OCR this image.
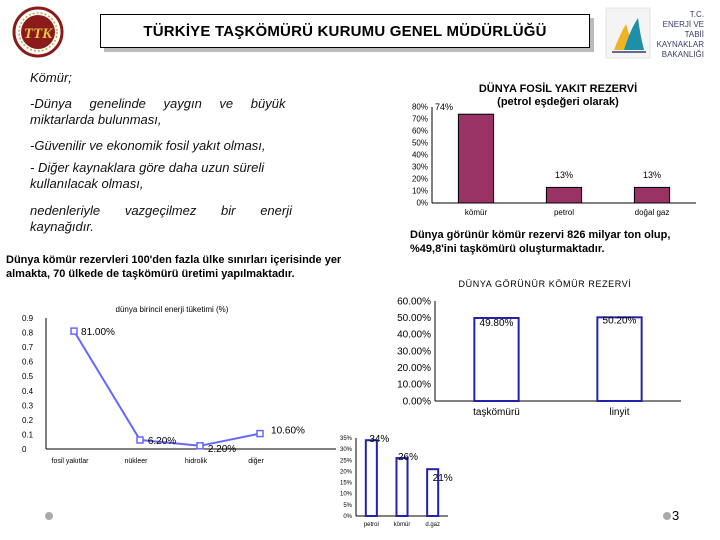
TTK	TÜRKİYE TAŞKÖMÜRÜ KURUMU GENEL MÜDÜRLÜĞÜ
T.C.
ENERJİ VE
TABİİ KAYNAKLAR
BAKANLIĞI
Kömür;
-Dünya genelinde yaygın ve büyük
miktarlarda bulunması,
-Güvenilir ve ekonomik fosil yakıt olması,
- Diğer kaynaklara göre daha uzun süreli kullanılacak olması,
nedenleriyle vazgeçilmez bir enerji
kaynağıdır.
Dünya kömür rezervleri 100'den fazla ülke sınırları içerisinde yer almakta, 70 ülkede de taşkömürü üretimi yapılmaktadır.
Dünya görünür kömür rezervi 826 milyar ton olup, %49,8'ini taşkömürü oluşturmaktadır.
DÜNYA FOSİL YAKIT REZERVİ
(petrol eşdeğeri olarak)
0%
10%
20%
30%
40%
50%
60%
70%
80%
kömür
74%
petrol
13%
doğal gaz
13%
DÜNYA GÖRÜNÜR KÖMÜR REZERVİ
0.00%
10.00%
20.00%
30.00%
40.00%
50.00%
60.00%
taşkömürü
49.80%
linyit
50.20%
dünya birincil enerji tüketimi (%)
0
0.1
0.2
0.3
0.4
0.5
0.6
0.7
0.8
0.9
81.00%
fosil yakıtlar
6.20%
nükleer
2.20%
hidrolik
10.60%
diğer
0%
5%
10%
15%
20%
25%
30%
35%
petrol
34%
kömür
26%
d.gaz
21%
3
